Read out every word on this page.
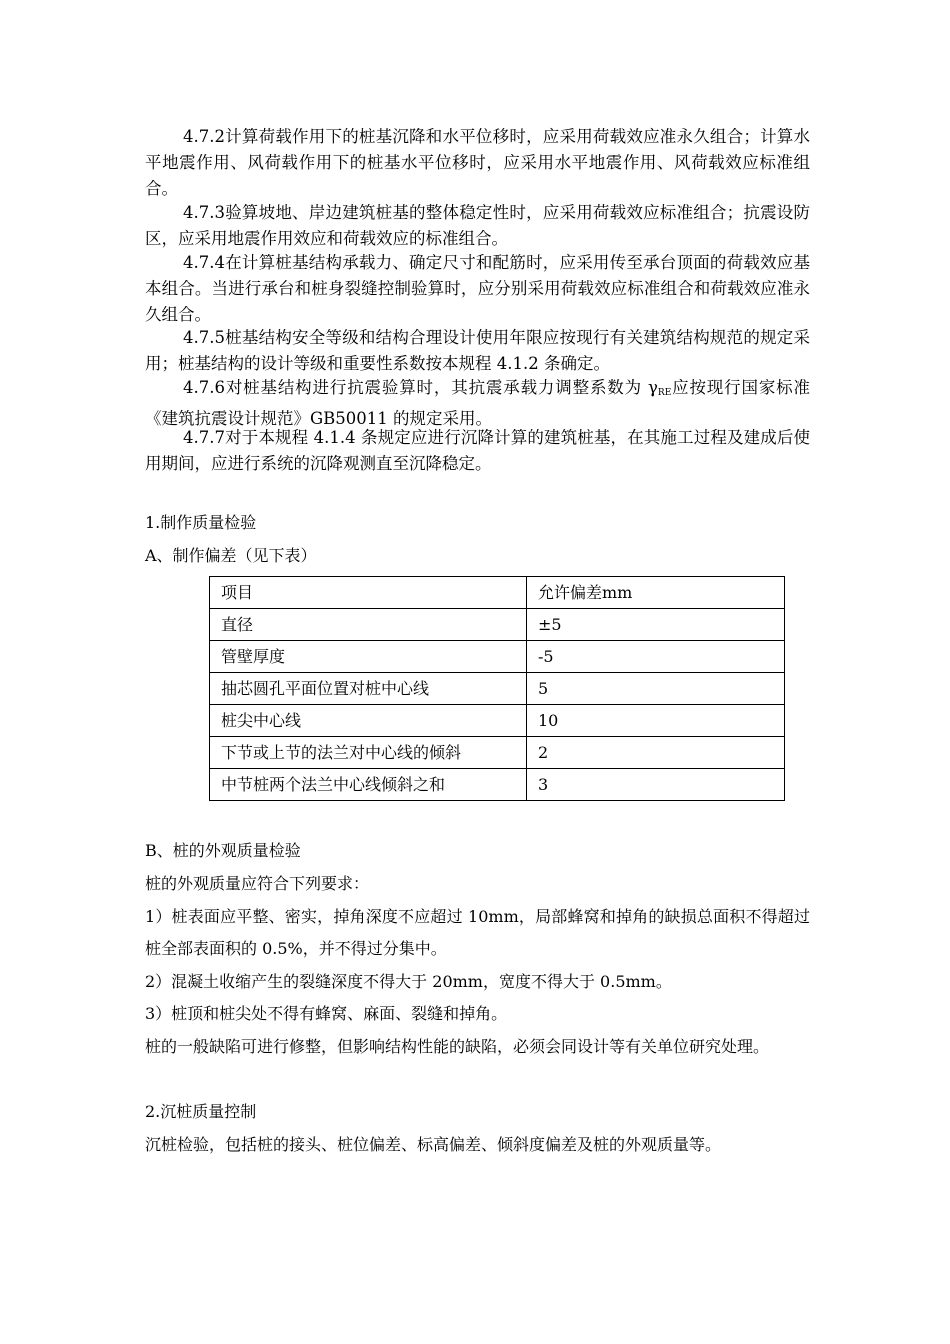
4.7.2计算荷载作用下的桩基沉降和水平位移时，应采用荷载效应准永久组合；计算水平地震作用、风荷载作用下的桩基水平位移时，应采用水平地震作用、风荷载效应标准组合。

4.7.3验算坡地、岸边建筑桩基的整体稳定性时，应采用荷载效应标准组合；抗震设防区，应采用地震作用效应和荷载效应的标准组合。

4.7.4在计算桩基结构承载力、确定尺寸和配筋时，应采用传至承台顶面的荷载效应基本组合。当进行承台和桩身裂缝控制验算时，应分别采用荷载效应标准组合和荷载效应准永久组合。

4.7.5桩基结构安全等级和结构合理设计使用年限应按现行有关建筑结构规范的规定采用；桩基结构的设计等级和重要性系数按本规程 4.1.2 条确定。

4.7.6对桩基结构进行抗震验算时，其抗震承载力调整系数为 $\gamma_{RE}$应按现行国家标准《建筑抗震设计规范》GB50011 的规定采用。

4.7.7对于本规程 4.1.4 条规定应进行沉降计算的建筑桩基，在其施工过程及建成后使用期间，应进行系统的沉降观测直至沉降稳定。

1.制作质量检验

A、制作偏差（见下表）

项目	允许偏差mm
直径	±5
管壁厚度	-5
抽芯圆孔平面位置对桩中心线	5
桩尖中心线	10
下节或上节的法兰对中心线的倾斜	2
中节桩两个法兰中心线倾斜之和	3

B、桩的外观质量检验

桩的外观质量应符合下列要求：

1）桩表面应平整、密实，掉角深度不应超过 10mm，局部蜂窝和掉角的缺损总面积不得超过桩全部表面积的 0.5%，并不得过分集中。

2）混凝土收缩产生的裂缝深度不得大于 20mm，宽度不得大于 0.5mm。

3）桩顶和桩尖处不得有蜂窝、麻面、裂缝和掉角。

桩的一般缺陷可进行修整，但影响结构性能的缺陷，必须会同设计等有关单位研究处理。

2.沉桩质量控制

沉桩检验，包括桩的接头、桩位偏差、标高偏差、倾斜度偏差及桩的外观质量等。
